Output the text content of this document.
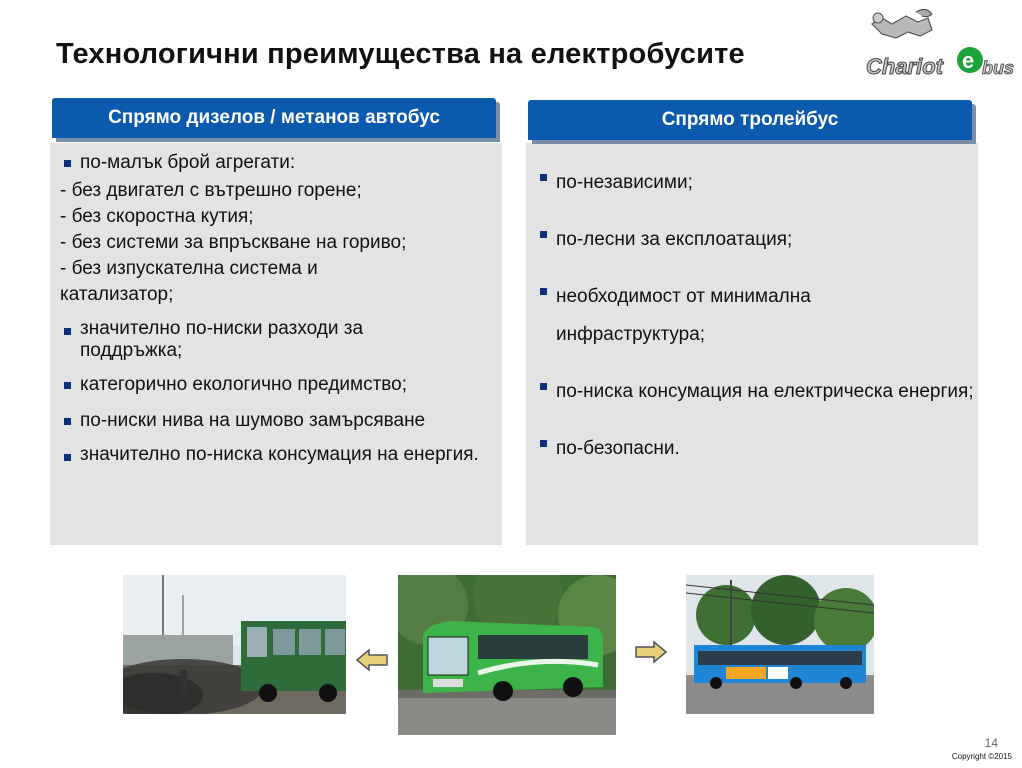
Технологични преимущества на електробусите	Chariot e bus
Спрямо дизелов / метанов автобус
по-малък брой агрегати:
- без двигател с вътрешно горене;
- без скоростна кутия;
- без системи за впръскване на гориво;
- без изпускателна система и катализатор;
значително по-ниски разходи за поддръжка;
категорично екологично предимство;
по-ниски нива на шумово замърсяване
значително по-ниска консумация на енергия.
Спрямо тролейбус
по-независими;
по-лесни за експлоатация;
необходимост от минимална инфраструктура;
по-ниска консумация на електрическа енергия;
по-безопасни.
14
Copyright ©2015
